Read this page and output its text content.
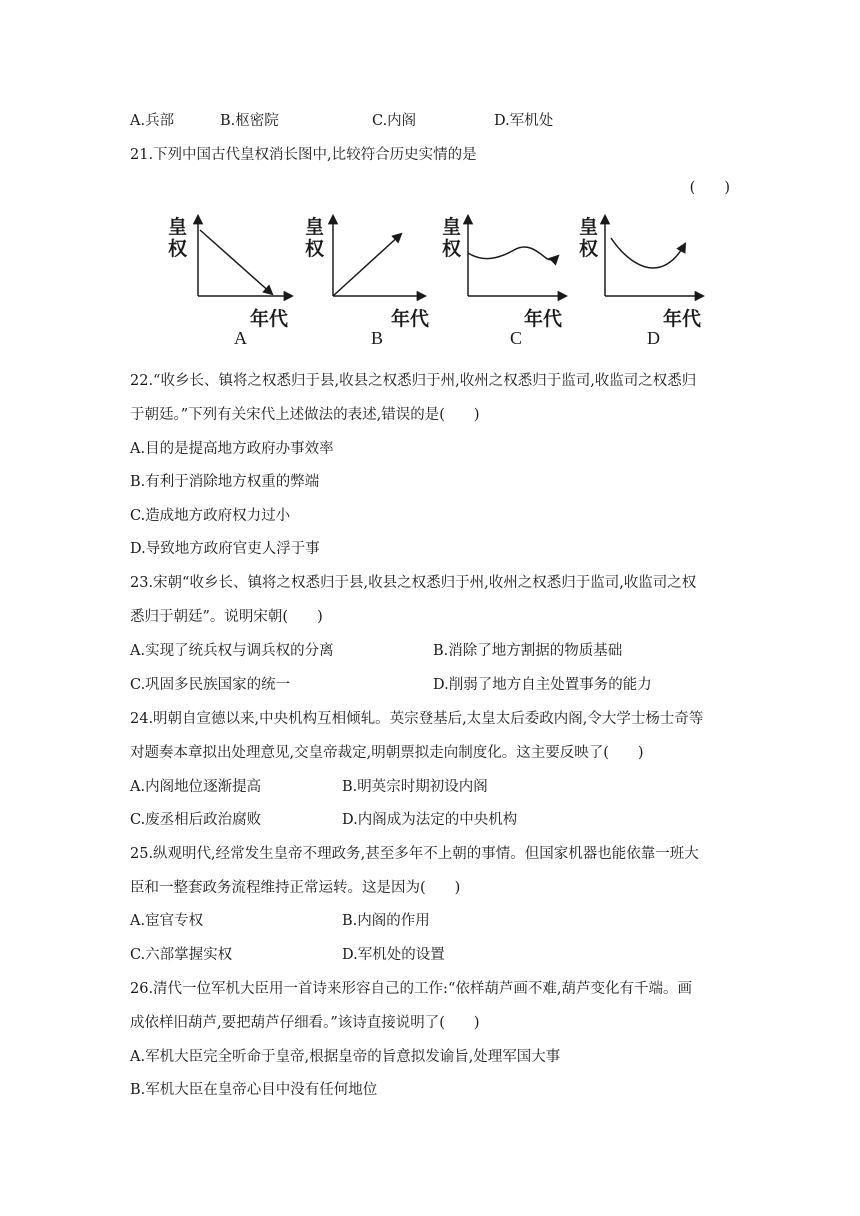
A.兵部	B.枢密院	C.内阁	D.军机处
21.下列中国古代皇权消长图中,比较符合历史实情的是
(　　)
皇权
年代
A
皇权
年代
B
皇权
年代
C
皇权
年代
D
22.“收乡长、镇将之权悉归于县,收县之权悉归于州,收州之权悉归于监司,收监司之权悉归
于朝廷。”下列有关宋代上述做法的表述,错误的是(　　)
A.目的是提高地方政府办事效率
B.有利于消除地方权重的弊端
C.造成地方政府权力过小
D.导致地方政府官吏人浮于事
23.宋朝“收乡长、镇将之权悉归于县,收县之权悉归于州,收州之权悉归于监司,收监司之权
悉归于朝廷”。说明宋朝(　　)
A.实现了统兵权与调兵权的分离	B.消除了地方割据的物质基础
C.巩固多民族国家的统一	D.削弱了地方自主处置事务的能力
24.明朝自宣德以来,中央机构互相倾轧。英宗登基后,太皇太后委政内阁,令大学士杨士奇等
对题奏本章拟出处理意见,交皇帝裁定,明朝票拟走向制度化。这主要反映了(　　)
A.内阁地位逐渐提高	B.明英宗时期初设内阁
C.废丞相后政治腐败	D.内阁成为法定的中央机构
25.纵观明代,经常发生皇帝不理政务,甚至多年不上朝的事情。但国家机器也能依靠一班大
臣和一整套政务流程维持正常运转。这是因为(　　)
A.宦官专权	B.内阁的作用
C.六部掌握实权	D.军机处的设置
26.清代一位军机大臣用一首诗来形容自己的工作:“依样葫芦画不难,葫芦变化有千端。画
成依样旧葫芦,要把葫芦仔细看。”该诗直接说明了(　　)
A.军机大臣完全听命于皇帝,根据皇帝的旨意拟发谕旨,处理军国大事
B.军机大臣在皇帝心目中没有任何地位
